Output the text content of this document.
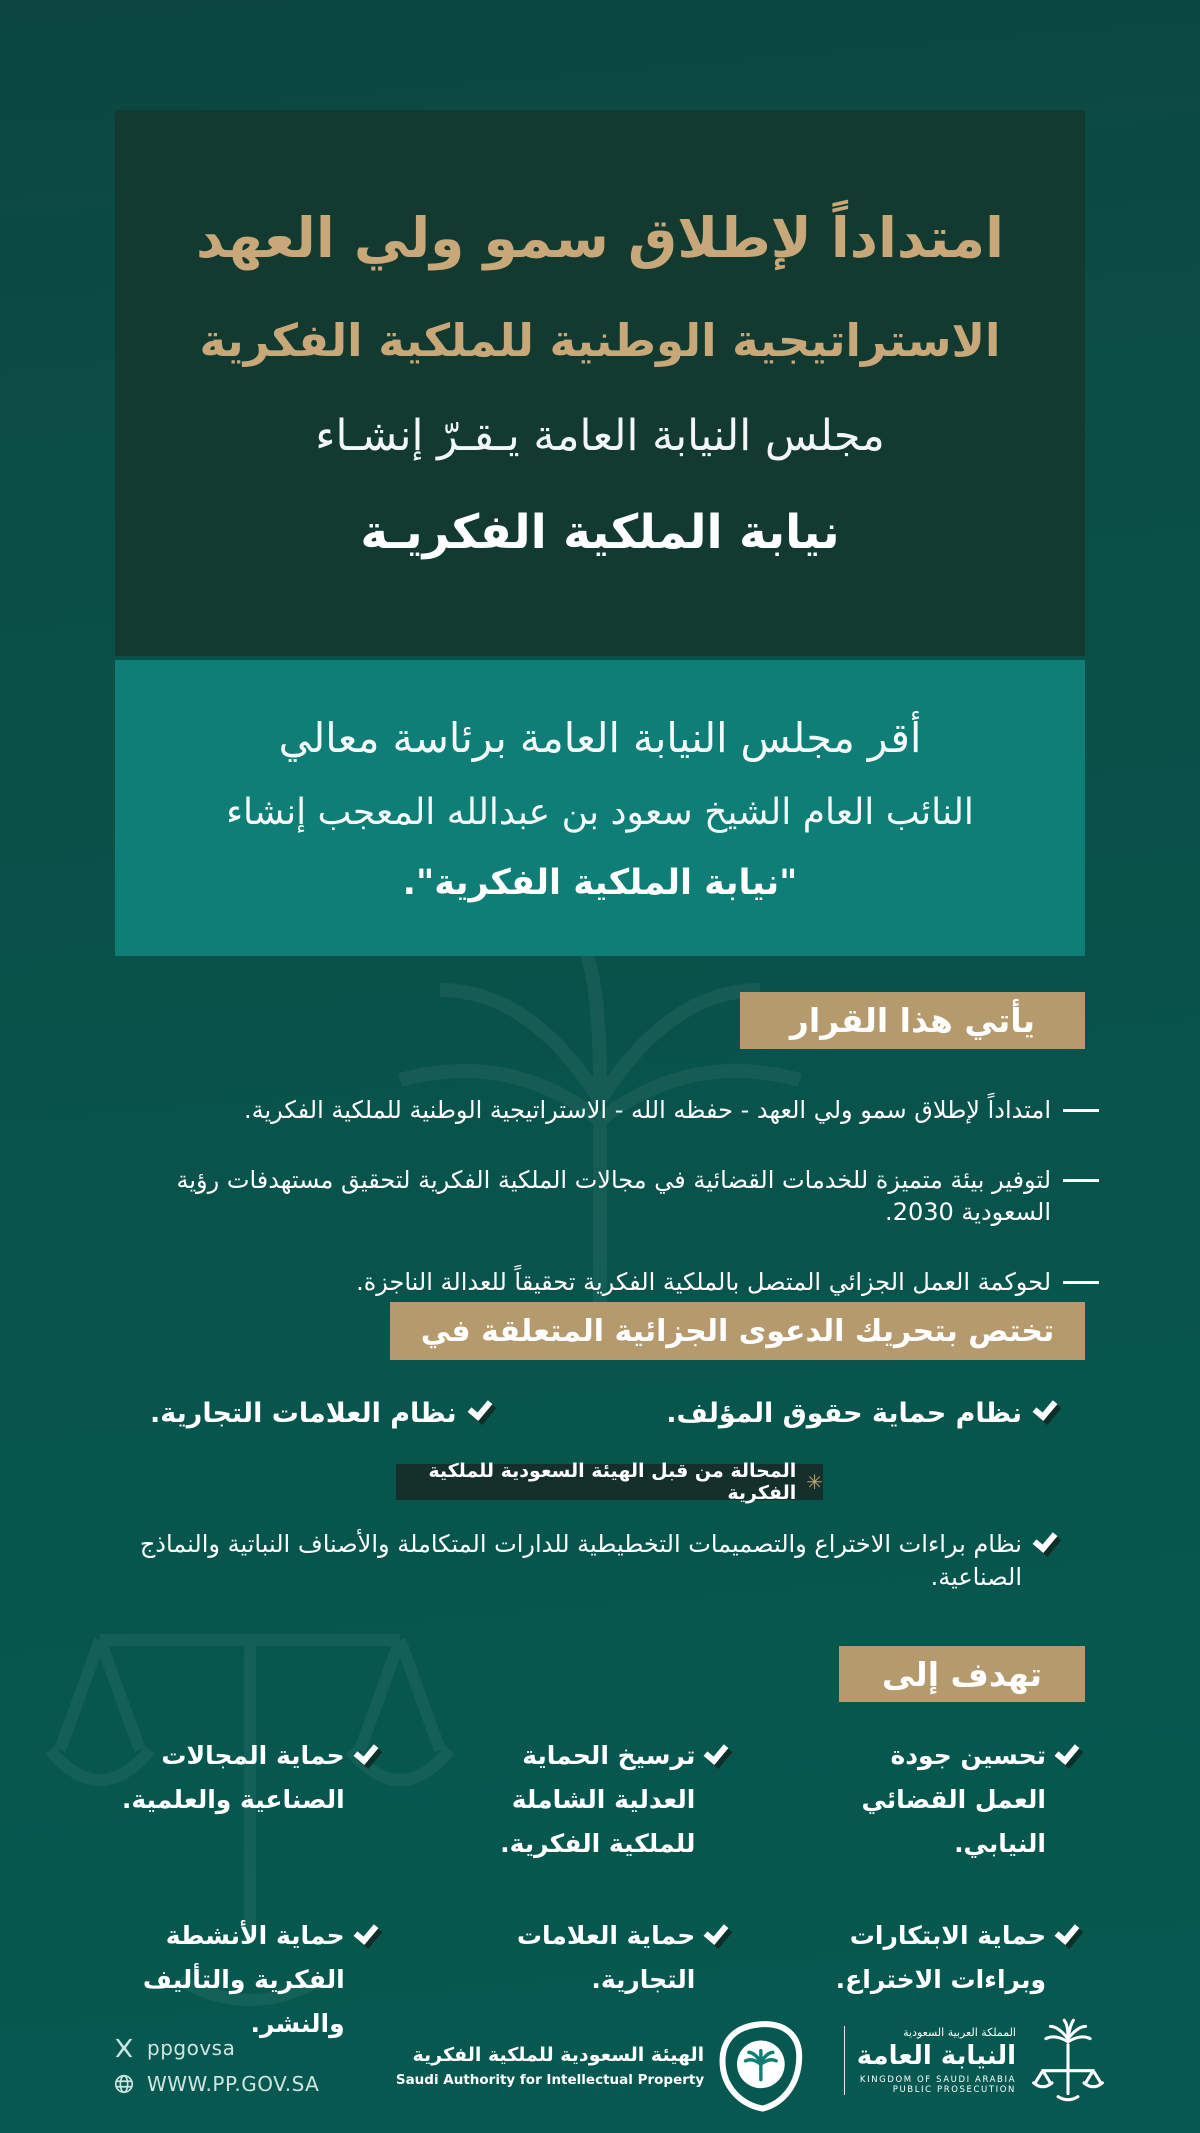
امتداداً لإطلاق سمو ولي العهد
الاستراتيجية الوطنية للملكية الفكرية
مجلس النيابة العامة يـقـرّ إنشـاء
نيابة الملكية الفكريـة
أقر مجلس النيابة العامة برئاسة معالي
النائب العام الشيخ سعود بن عبدالله المعجب إنشاء
"نيابة الملكية الفكرية".
يأتي هذا القرار
امتداداً لإطلاق سمو ولي العهد - حفظه الله - الاستراتيجية الوطنية للملكية الفكرية.
لتوفير بيئة متميزة للخدمات القضائية في مجالات الملكية الفكرية لتحقيق مستهدفات رؤية السعودية 2030.
لحوكمة العمل الجزائي المتصل بالملكية الفكرية تحقيقاً للعدالة الناجزة.
تختص بتحريك الدعوى الجزائية المتعلقة في
نظام حماية حقوق المؤلف.
نظام العلامات التجارية.
✳
المحالة من قبل الهيئة السعودية للملكية الفكرية
نظام براءات الاختراع والتصميمات التخطيطية للدارات المتكاملة والأصناف النباتية والنماذج الصناعية.
تهدف إلى
تحسين جودة العمل القضائي النيابي.
ترسيخ الحماية العدلية الشاملة للملكية الفكرية.
حماية المجالات الصناعية والعلمية.
حماية الابتكارات وبراءات الاختراع.
حماية العلامات التجارية.
حماية الأنشطة الفكرية والتأليف والنشر.
ppgovsa
WWW.PP.GOV.SA
الهيئة السعودية للملكية الفكرية
Saudi Authority for Intellectual Property
المملكة العربية السعودية
النيابة العامة
KINGDOM OF SAUDI ARABIA
PUBLIC PROSECUTION
